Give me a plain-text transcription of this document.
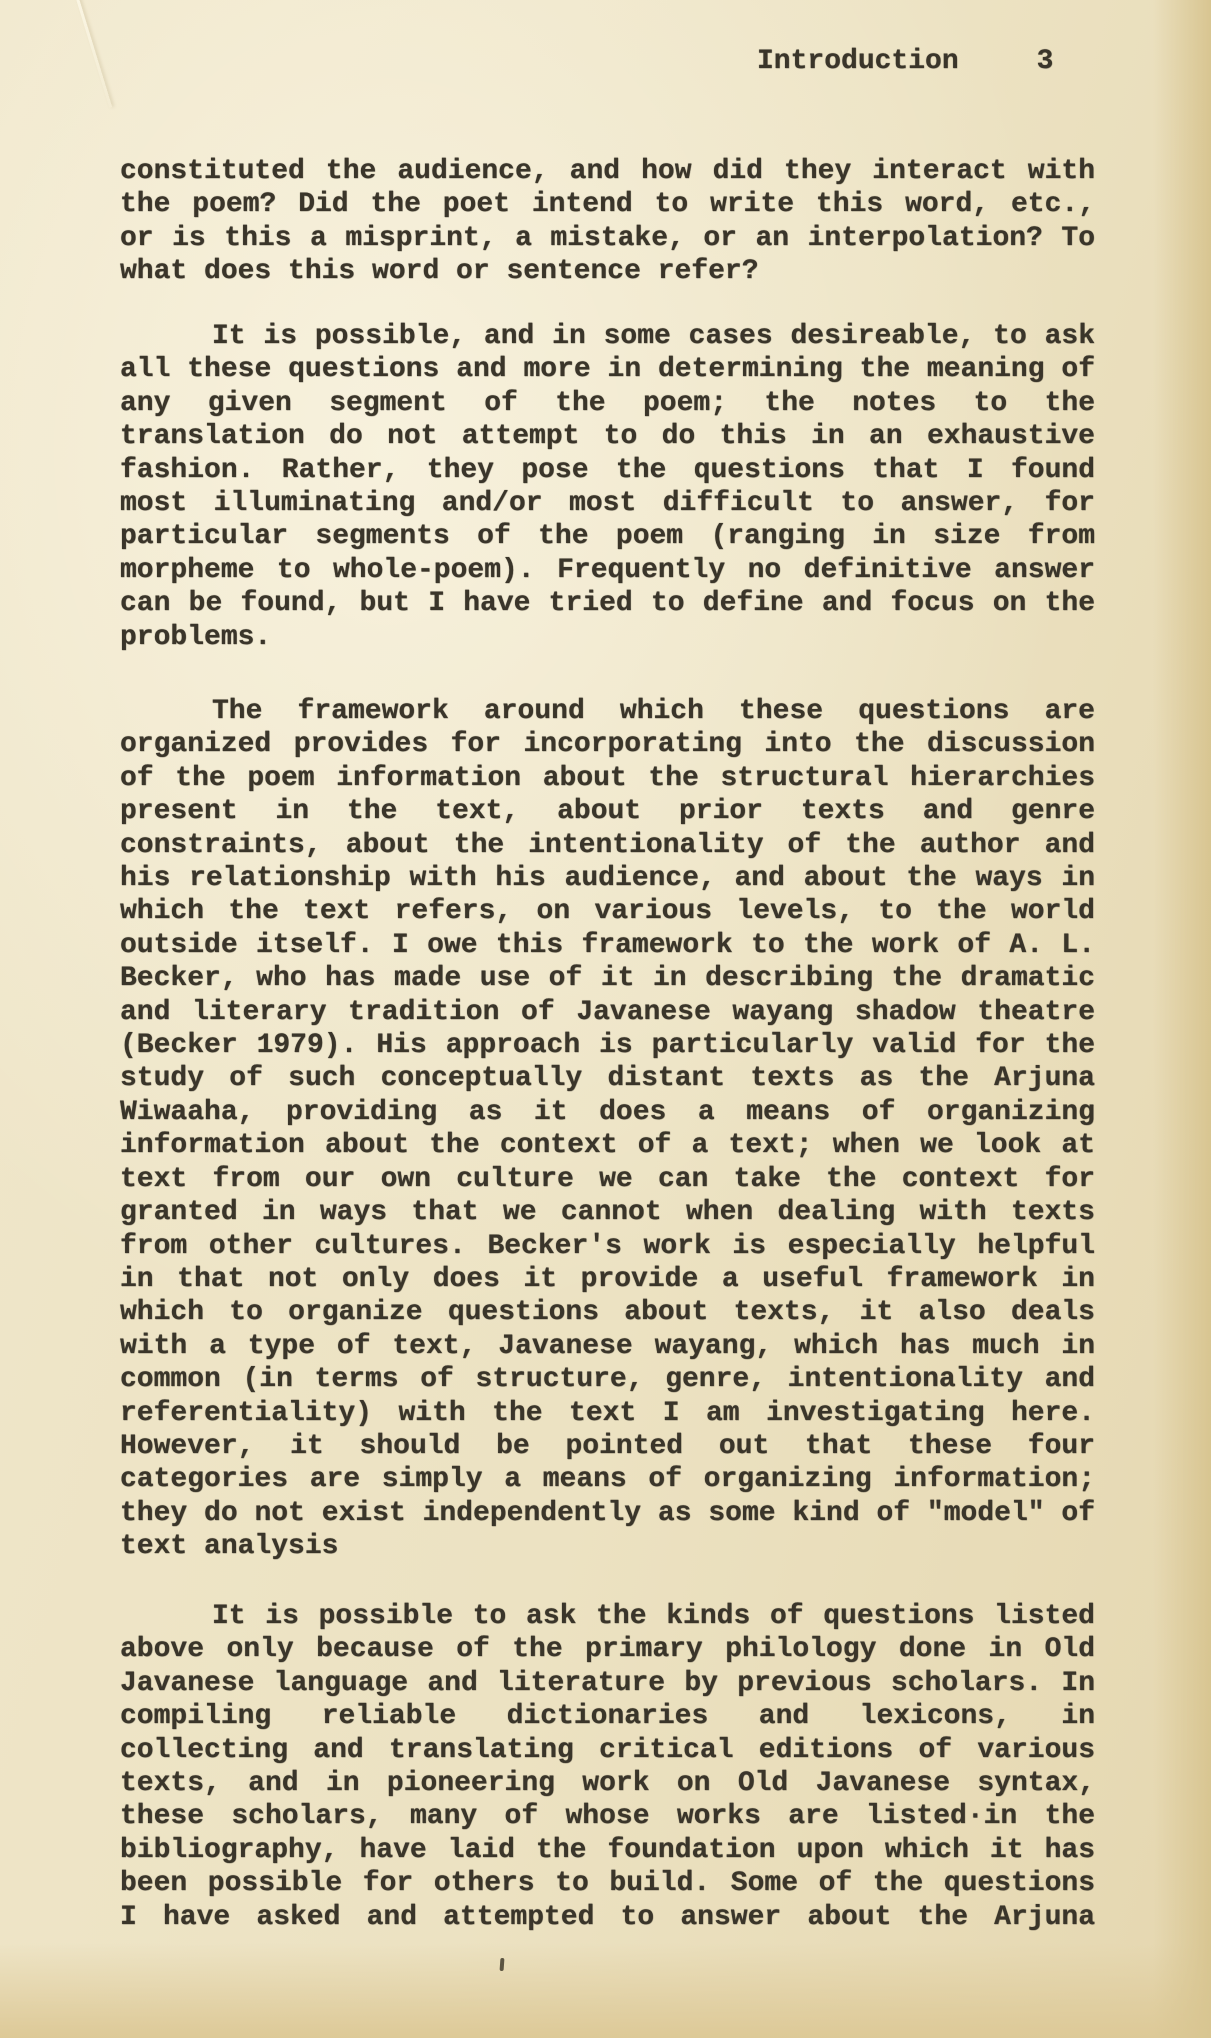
Introduction	3
constituted the audience, and how did they interact with
the poem? Did the poet intend to write this word, etc.,
or is this a misprint, a mistake, or an interpolation? To
what does this word or sentence refer?
It is possible, and in some cases desireable, to ask
all these questions and more in determining the meaning of
any given segment of the poem; the notes to the
translation do not attempt to do this in an exhaustive
fashion. Rather, they pose the questions that I found
most illuminating and/or most difficult to answer, for
particular segments of the poem (ranging in size from
morpheme to whole-poem). Frequently no definitive answer
can be found, but I have tried to define and focus on the
problems.
The framework around which these questions are
organized provides for incorporating into the discussion
of the poem information about the structural hierarchies
present in the text, about prior texts and genre
constraints, about the intentionality of the author and
his relationship with his audience, and about the ways in
which the text refers, on various levels, to the world
outside itself. I owe this framework to the work of A. L.
Becker, who has made use of it in describing the dramatic
and literary tradition of Javanese wayang shadow theatre
(Becker 1979). His approach is particularly valid for the
study of such conceptually distant texts as the Arjuna
Wiwaaha, providing as it does a means of organizing
information about the context of a text; when we look at
text from our own culture we can take the context for
granted in ways that we cannot when dealing with texts
from other cultures. Becker's work is especially helpful
in that not only does it provide a useful framework in
which to organize questions about texts, it also deals
with a type of text, Javanese wayang, which has much in
common (in terms of structure, genre, intentionality and
referentiality) with the text I am investigating here.
However, it should be pointed out that these four
categories are simply a means of organizing information;
they do not exist independently as some kind of "model" of
text analysis
It is possible to ask the kinds of questions listed
above only because of the primary philology done in Old
Javanese language and literature by previous scholars. In
compiling reliable dictionaries and lexicons, in
collecting and translating critical editions of various
texts, and in pioneering work on Old Javanese syntax,
these scholars, many of whose works are listed·in the
bibliography, have laid the foundation upon which it has
been possible for others to build. Some of the questions
I have asked and attempted to answer about the Arjuna
